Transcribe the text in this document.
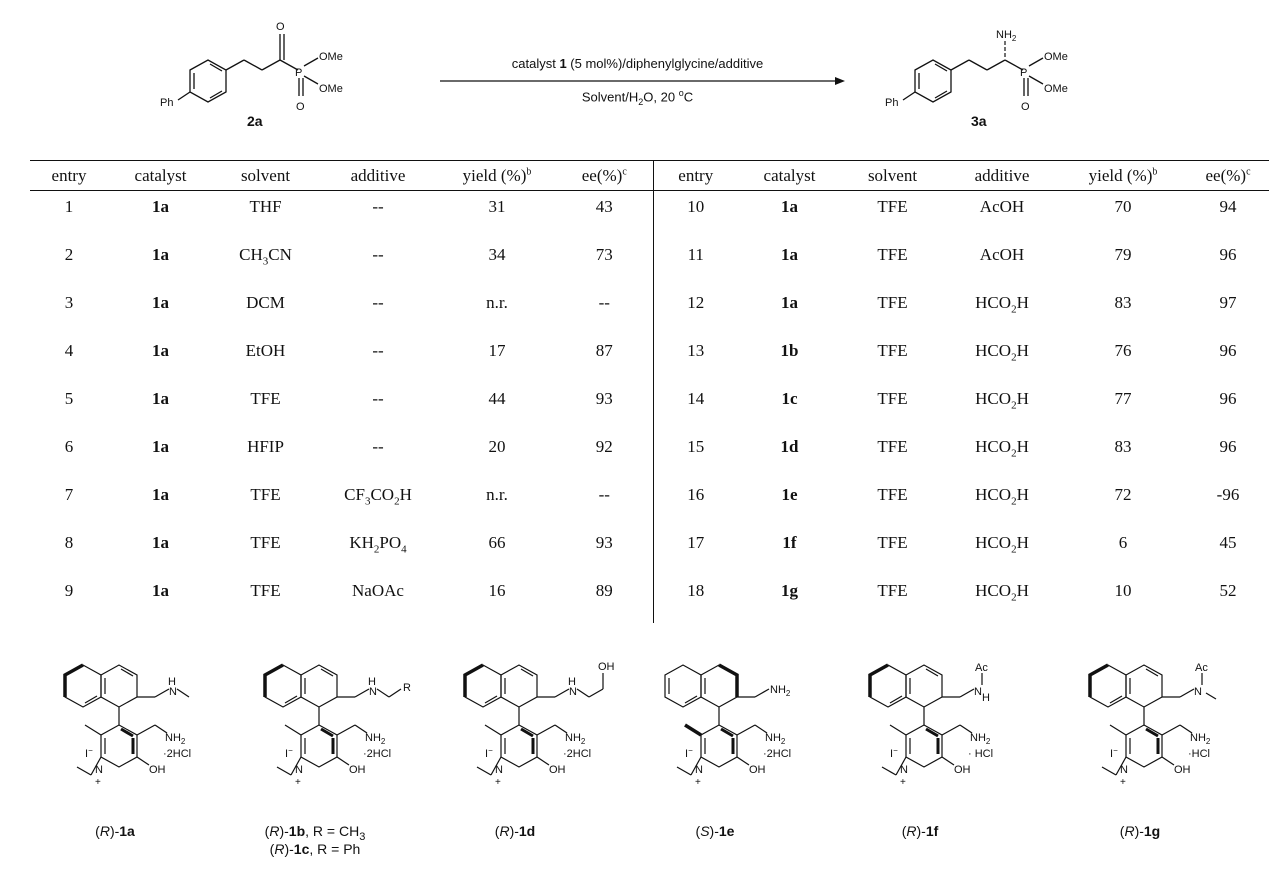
Ph
O
P
OMe
OMe
O	Ph
$NH_2$
P
OMe
OMe
O
2a	3a
catalyst 1 (5 mol%)/diphenylglycine/additive
Solvent/$H_2O$, 20 $^o$C
entry	catalyst	solvent	additive	yield (%)$^b$	ee(%)$^c$	entry	catalyst	solvent	additive	yield (%)$^b$	ee(%)$^c$
1	1a	THF	--	31	43	10	1a	TFE	AcOH	70	94
2	1a	$CH_3CN$	--	34	73	11	1a	TFE	AcOH	79	96
3	1a	DCM	--	n.r.	--	12	1a	TFE	$HCO_2H$	83	97
4	1a	EtOH	--	17	87	13	1b	TFE	$HCO_2H$	76	96
5	1a	TFE	--	44	93	14	1c	TFE	$HCO_2H$	77	96
6	1a	HFIP	--	20	92	15	1d	TFE	$HCO_2H$	83	96
7	1a	TFE	$CF_3CO_2H$	n.r.	--	16	1e	TFE	$HCO_2H$	72	-96
8	1a	TFE	$KH_2PO_4$	66	93	17	1f	TFE	$HCO_2H$	6	45
9	1a	TFE	NaOAc	16	89	18	1g	TFE	$HCO_2H$	10	52
H
N
$NH_2$
OH
N
+
I−	·2HCl
(R)-1a
H
N R
$NH_2$
OH
N
+
I−	·2HCl
(R)-1b, $R = CH_3$
(R)-1c, R = Ph
H
N
OH
$NH_2$
OH
N
+
I−	·2HCl
(R)-1d
$NH_2$
$NH_2$
OH
N
+
I−	·2HCl
(S)-1e
N H
Ac
$NH_2$
OH
N
+
I−	· HCl
(R)-1f
N
Ac
$NH_2$
OH
N
+
I−	·HCl
(R)-1g
